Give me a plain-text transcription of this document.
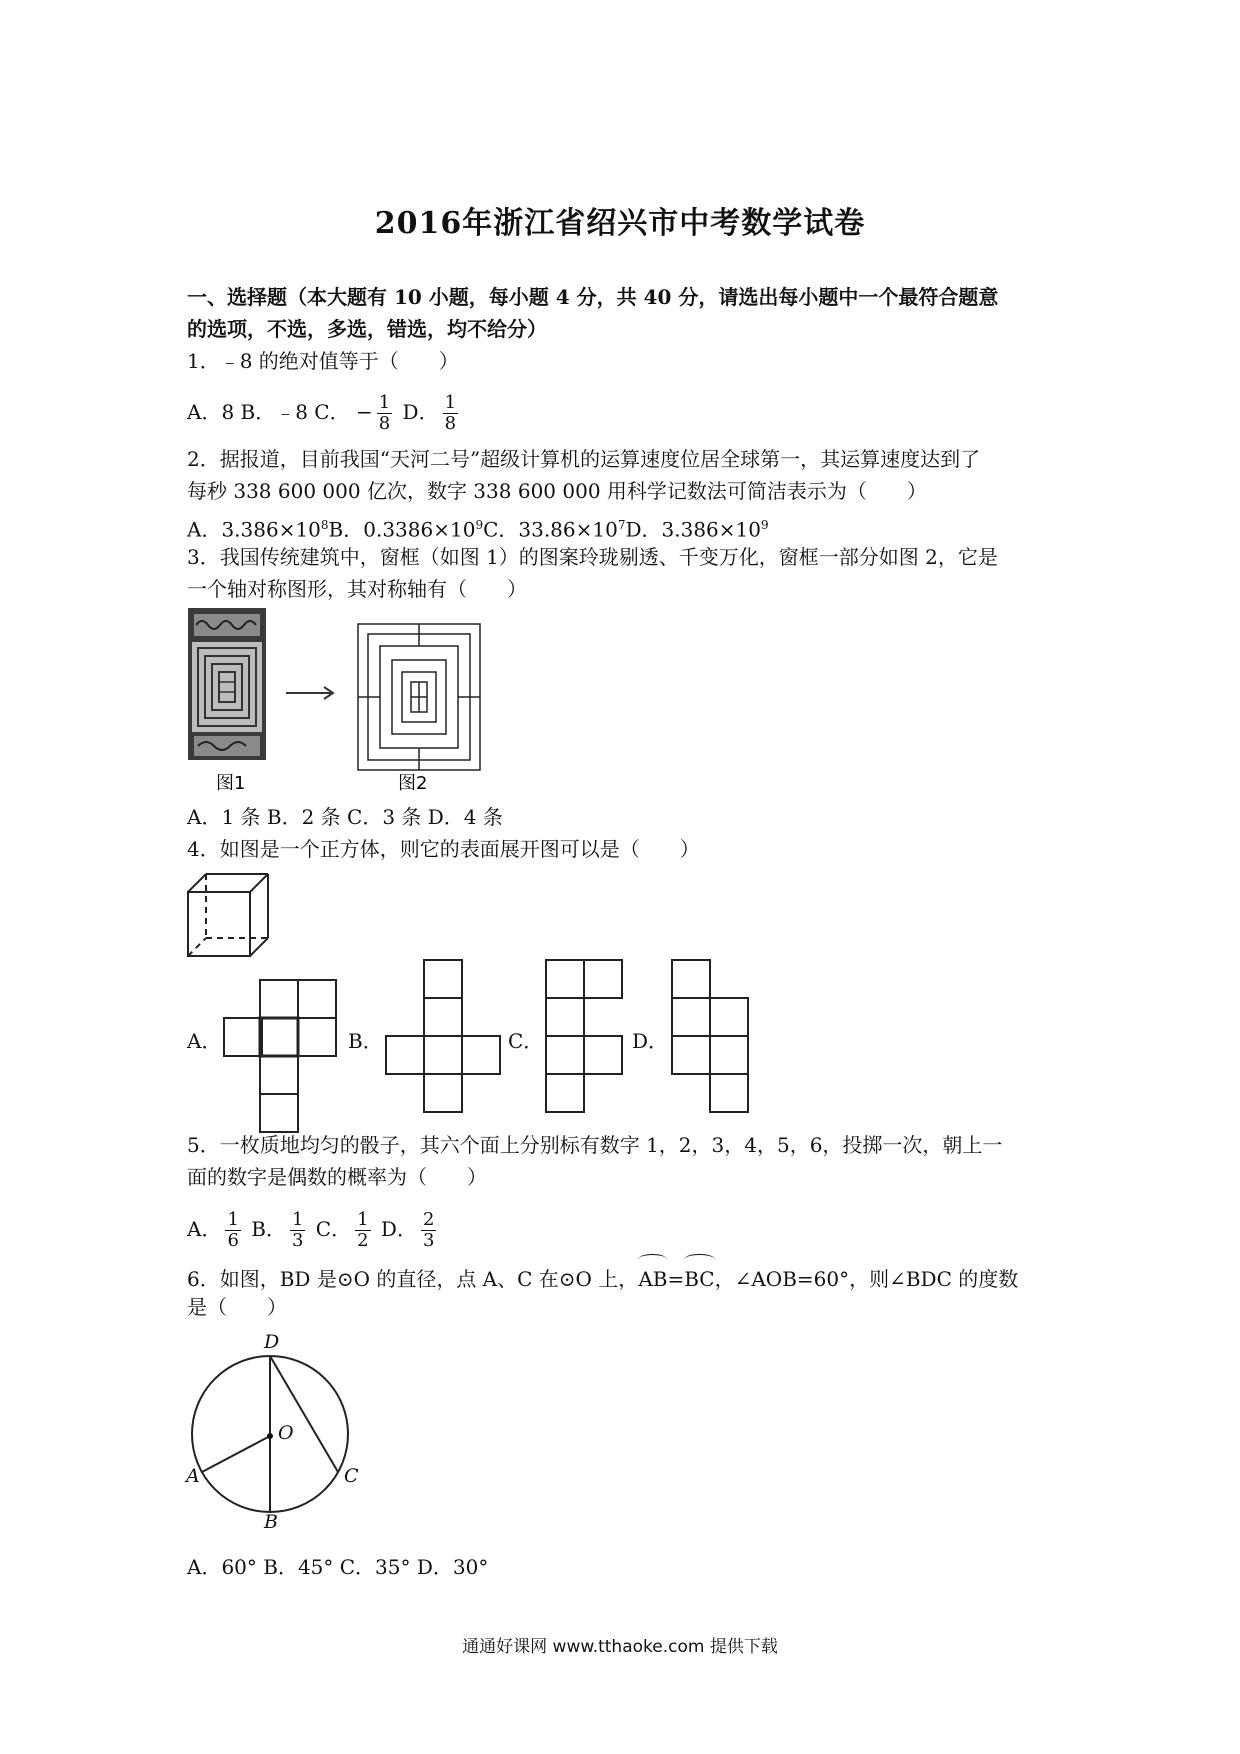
2016年浙江省绍兴市中考数学试卷
一、选择题（本大题有 10 小题，每小题 4 分，共 40 分，请选出每小题中一个最符合题意
的选项，不选，多选，错选，均不给分）
1．﹣8 的绝对值等于（　　）
A．8 B．﹣8 C． − $\frac{1}{8}$ D． $\frac{1}{8}$
2．据报道，目前我国“天河二号”超级计算机的运算速度位居全球第一，其运算速度达到了
每秒 338 600 000 亿次，数字 338 600 000 用科学记数法可简洁表示为（　　）
A．$3.386\times 10^8B$．$0.3386\times 10^9C$．$33.86\times 10^7D$．$3.386\times 10^9$
3．我国传统建筑中，窗框（如图 1）的图案玲珑剔透、千变万化，窗框一部分如图 2，它是
一个轴对称图形，其对称轴有（　　）
图1	图2
A．1 条 B．2 条 C．3 条 D．4 条
4．如图是一个正方体，则它的表面展开图可以是（　　）
A．	B．	C．	D．
5．一枚质地均匀的骰子，其六个面上分别标有数字 1，2，3，4，5，6，投掷一次，朝上一
面的数字是偶数的概率为（　　）
A． $\frac{1}{6}$ B． $\frac{1}{3}$ C． $\frac{1}{2}$ D． $\frac{2}{3}$
6．如图，BD 是⊙O 的直径，点 A、C 在⊙O 上，
AB=
BC，∠AOB=60°，则∠BDC 的度数
是（　　）
D
O
A	C
B
A．60° B．45° C．35° D．30°
通通好课网 www.tthaoke.com 提供下载
